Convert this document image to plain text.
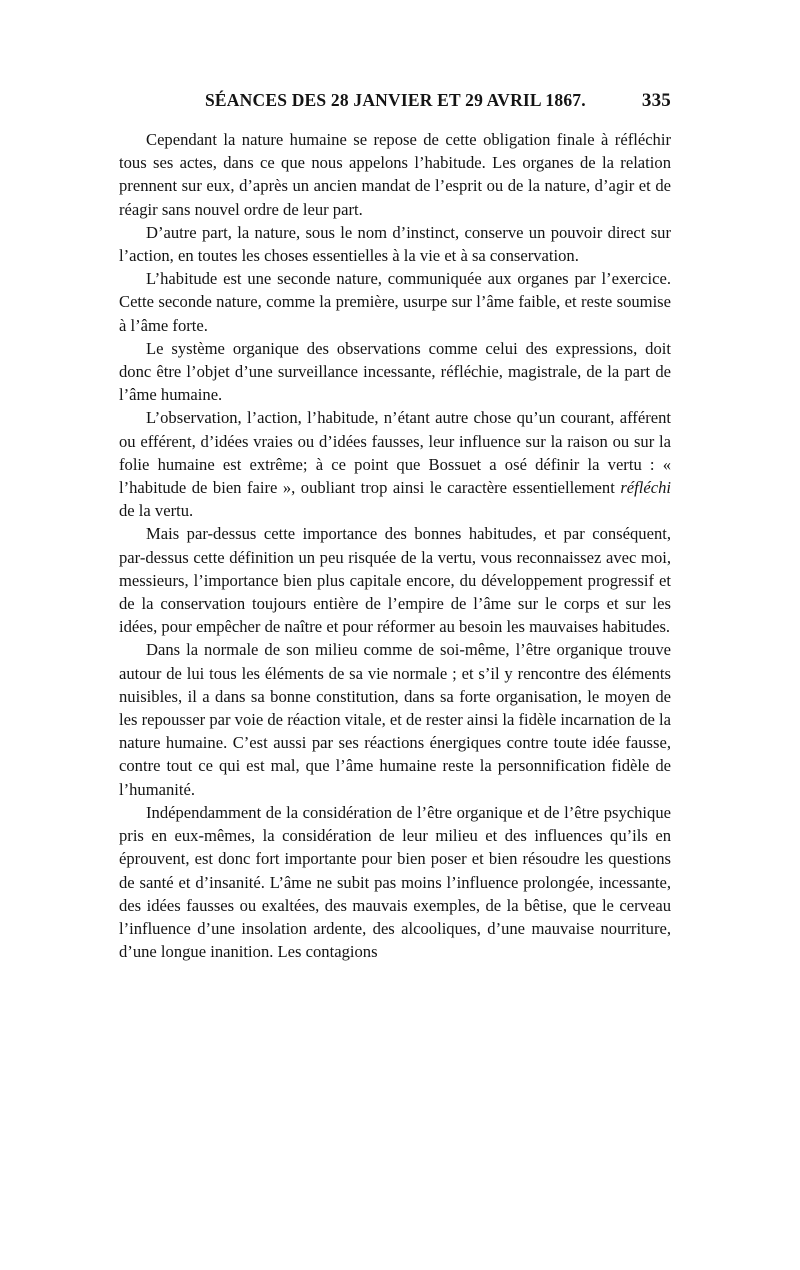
SÉANCES DES 28 JANVIER ET 29 AVRIL 1867.	335

Cependant la nature humaine se repose de cette obligation finale à réfléchir tous ses actes, dans ce que nous appelons l’habitude. Les organes de la relation prennent sur eux, d’après un ancien mandat de l’esprit ou de la nature, d’agir et de réagir sans nouvel ordre de leur part.

D’autre part, la nature, sous le nom d’instinct, conserve un pouvoir direct sur l’action, en toutes les choses essentielles à la vie et à sa conservation.

L’habitude est une seconde nature, communiquée aux organes par l’exercice. Cette seconde nature, comme la première, usurpe sur l’âme faible, et reste soumise à l’âme forte.

Le système organique des observations comme celui des expressions, doit donc être l’objet d’une surveillance incessante, réfléchie, magistrale, de la part de l’âme humaine.

L’observation, l’action, l’habitude, n’étant autre chose qu’un courant, afférent ou efférent, d’idées vraies ou d’idées fausses, leur influence sur la raison ou sur la folie humaine est extrême; à ce point que Bossuet a osé définir la vertu : « l’habitude de bien faire », oubliant trop ainsi le caractère essentiellement réfléchi de la vertu.

Mais par-dessus cette importance des bonnes habitudes, et par conséquent, par-dessus cette définition un peu risquée de la vertu, vous reconnaissez avec moi, messieurs, l’importance bien plus capitale encore, du développement progressif et de la conservation toujours entière de l’empire de l’âme sur le corps et sur les idées, pour empêcher de naître et pour réformer au besoin les mauvaises habitudes.

Dans la normale de son milieu comme de soi-même, l’être organique trouve autour de lui tous les éléments de sa vie normale ; et s’il y rencontre des éléments nuisibles, il a dans sa bonne constitution, dans sa forte organisation, le moyen de les repousser par voie de réaction vitale, et de rester ainsi la fidèle incarnation de la nature humaine. C’est aussi par ses réactions énergiques contre toute idée fausse, contre tout ce qui est mal, que l’âme humaine reste la personnification fidèle de l’humanité.

Indépendamment de la considération de l’être organique et de l’être psychique pris en eux-mêmes, la considération de leur milieu et des influences qu’ils en éprouvent, est donc fort importante pour bien poser et bien résoudre les questions de santé et d’insanité. L’âme ne subit pas moins l’influence prolongée, incessante, des idées fausses ou exaltées, des mauvais exemples, de la bêtise, que le cerveau l’influence d’une insolation ardente, des alcooliques, d’une mauvaise nourriture, d’une longue inanition. Les contagions
